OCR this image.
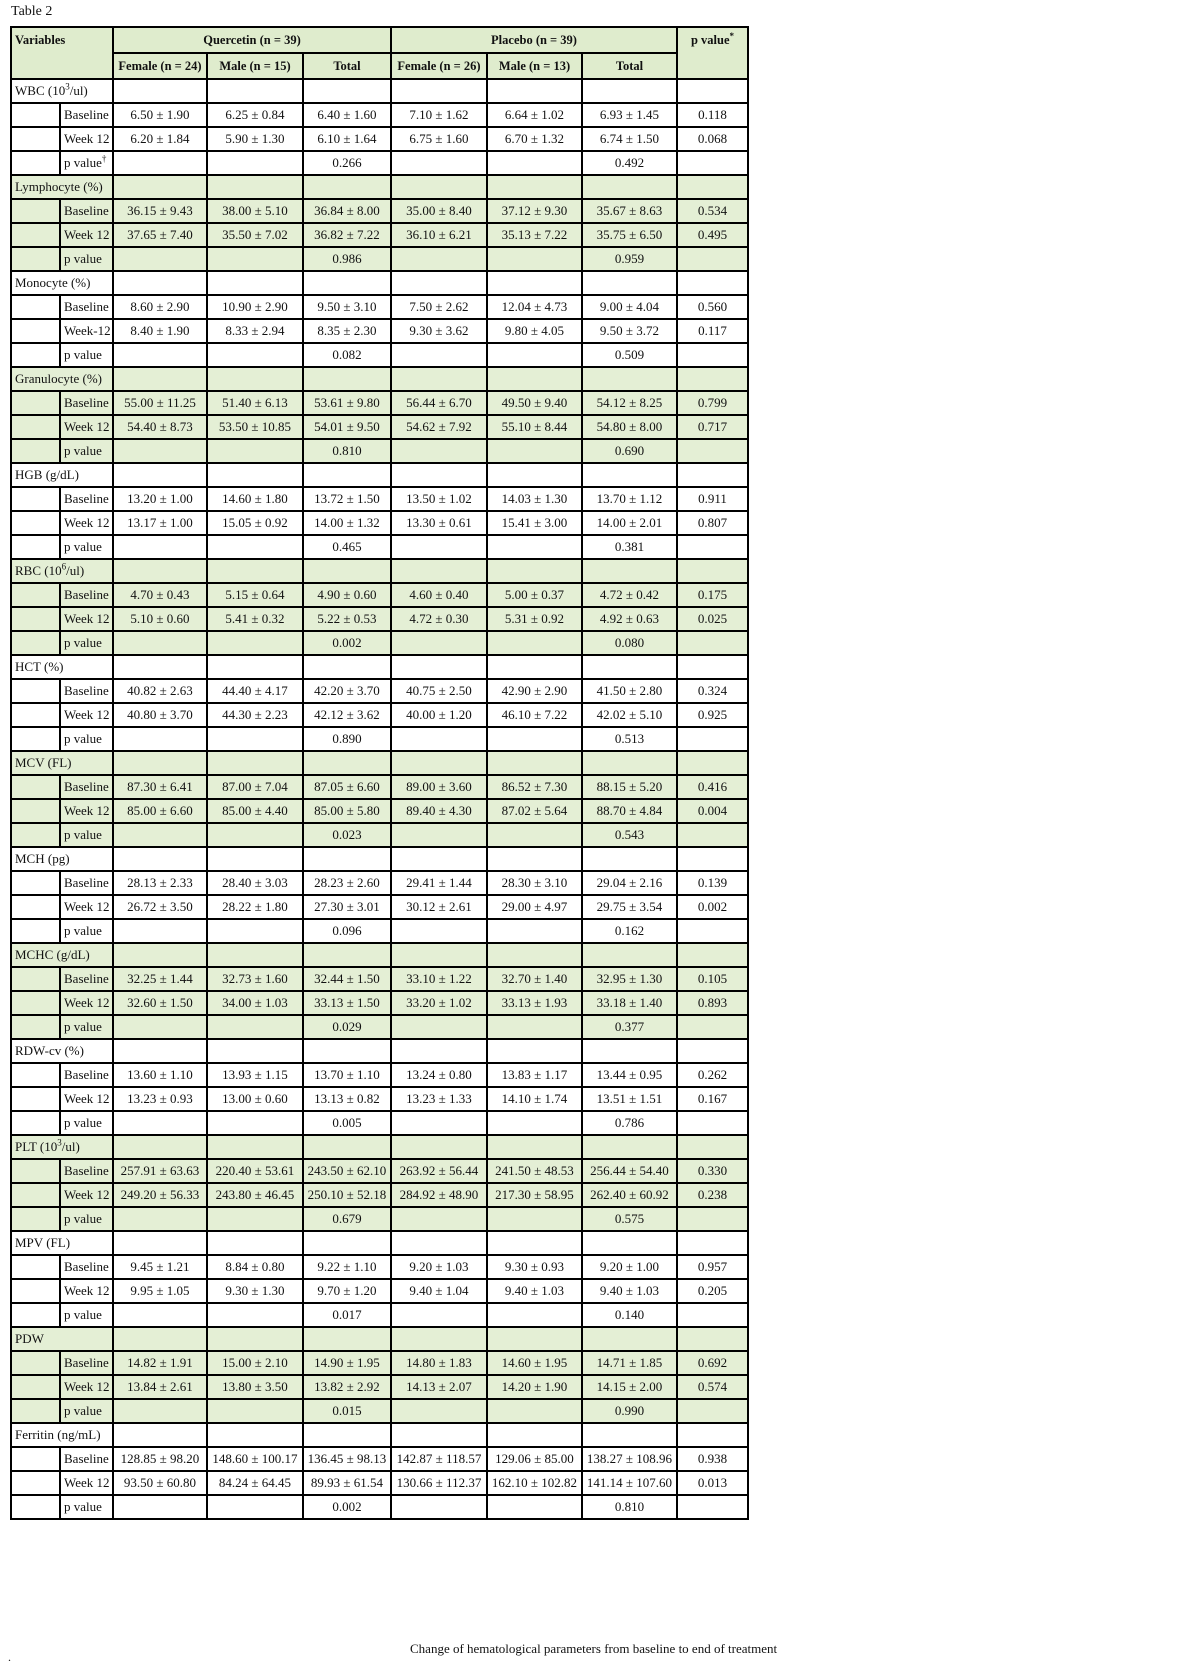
Table 2
Variables		Quercetin (n = 39)			Placebo (n = 39)			p value*
		Female (n = 24)	Male (n = 15)	Total	Female (n = 26)	Male (n = 13)	Total	
WBC $(10^3/ul)$								
	Baseline	6.50 ± 1.90	6.25 ± 0.84	6.40 ± 1.60	7.10 ± 1.62	6.64 ± 1.02	6.93 ± 1.45	0.118
	Week 12	6.20 ± 1.84	5.90 ± 1.30	6.10 ± 1.64	6.75 ± 1.60	6.70 ± 1.32	6.74 ± 1.50	0.068
	p value†			0.266			0.492	
Lymphocyte (%)								
	Baseline	36.15 ± 9.43	38.00 ± 5.10	36.84 ± 8.00	35.00 ± 8.40	37.12 ± 9.30	35.67 ± 8.63	0.534
	Week 12	37.65 ± 7.40	35.50 ± 7.02	36.82 ± 7.22	36.10 ± 6.21	35.13 ± 7.22	35.75 ± 6.50	0.495
	p value			0.986			0.959	
Monocyte (%)								
	Baseline	8.60 ± 2.90	10.90 ± 2.90	9.50 ± 3.10	7.50 ± 2.62	12.04 ± 4.73	9.00 ± 4.04	0.560
	Week-12	8.40 ± 1.90	8.33 ± 2.94	8.35 ± 2.30	9.30 ± 3.62	9.80 ± 4.05	9.50 ± 3.72	0.117
	p value			0.082			0.509	
Granulocyte (%)								
	Baseline	55.00 ± 11.25	51.40 ± 6.13	53.61 ± 9.80	56.44 ± 6.70	49.50 ± 9.40	54.12 ± 8.25	0.799
	Week 12	54.40 ± 8.73	53.50 ± 10.85	54.01 ± 9.50	54.62 ± 7.92	55.10 ± 8.44	54.80 ± 8.00	0.717
	p value			0.810			0.690	
HGB (g/dL)								
	Baseline	13.20 ± 1.00	14.60 ± 1.80	13.72 ± 1.50	13.50 ± 1.02	14.03 ± 1.30	13.70 ± 1.12	0.911
	Week 12	13.17 ± 1.00	15.05 ± 0.92	14.00 ± 1.32	13.30 ± 0.61	15.41 ± 3.00	14.00 ± 2.01	0.807
	p value			0.465			0.381	
RBC $(10^6/ul)$								
	Baseline	4.70 ± 0.43	5.15 ± 0.64	4.90 ± 0.60	4.60 ± 0.40	5.00 ± 0.37	4.72 ± 0.42	0.175
	Week 12	5.10 ± 0.60	5.41 ± 0.32	5.22 ± 0.53	4.72 ± 0.30	5.31 ± 0.92	4.92 ± 0.63	0.025
	p value			0.002			0.080	
HCT (%)								
	Baseline	40.82 ± 2.63	44.40 ± 4.17	42.20 ± 3.70	40.75 ± 2.50	42.90 ± 2.90	41.50 ± 2.80	0.324
	Week 12	40.80 ± 3.70	44.30 ± 2.23	42.12 ± 3.62	40.00 ± 1.20	46.10 ± 7.22	42.02 ± 5.10	0.925
	p value			0.890			0.513	
MCV (FL)								
	Baseline	87.30 ± 6.41	87.00 ± 7.04	87.05 ± 6.60	89.00 ± 3.60	86.52 ± 7.30	88.15 ± 5.20	0.416
	Week 12	85.00 ± 6.60	85.00 ± 4.40	85.00 ± 5.80	89.40 ± 4.30	87.02 ± 5.64	88.70 ± 4.84	0.004
	p value			0.023			0.543	
MCH (pg)								
	Baseline	28.13 ± 2.33	28.40 ± 3.03	28.23 ± 2.60	29.41 ± 1.44	28.30 ± 3.10	29.04 ± 2.16	0.139
	Week 12	26.72 ± 3.50	28.22 ± 1.80	27.30 ± 3.01	30.12 ± 2.61	29.00 ± 4.97	29.75 ± 3.54	0.002
	p value			0.096			0.162	
MCHC (g/dL)								
	Baseline	32.25 ± 1.44	32.73 ± 1.60	32.44 ± 1.50	33.10 ± 1.22	32.70 ± 1.40	32.95 ± 1.30	0.105
	Week 12	32.60 ± 1.50	34.00 ± 1.03	33.13 ± 1.50	33.20 ± 1.02	33.13 ± 1.93	33.18 ± 1.40	0.893
	p value			0.029			0.377	
RDW-cv (%)								
	Baseline	13.60 ± 1.10	13.93 ± 1.15	13.70 ± 1.10	13.24 ± 0.80	13.83 ± 1.17	13.44 ± 0.95	0.262
	Week 12	13.23 ± 0.93	13.00 ± 0.60	13.13 ± 0.82	13.23 ± 1.33	14.10 ± 1.74	13.51 ± 1.51	0.167
	p value			0.005			0.786	
PLT $(10^3/ul)$								
	Baseline	257.91 ± 63.63	220.40 ± 53.61	243.50 ± 62.10	263.92 ± 56.44	241.50 ± 48.53	256.44 ± 54.40	0.330
	Week 12	249.20 ± 56.33	243.80 ± 46.45	250.10 ± 52.18	284.92 ± 48.90	217.30 ± 58.95	262.40 ± 60.92	0.238
	p value			0.679			0.575	
MPV (FL)								
	Baseline	9.45 ± 1.21	8.84 ± 0.80	9.22 ± 1.10	9.20 ± 1.03	9.30 ± 0.93	9.20 ± 1.00	0.957
	Week 12	9.95 ± 1.05	9.30 ± 1.30	9.70 ± 1.20	9.40 ± 1.04	9.40 ± 1.03	9.40 ± 1.03	0.205
	p value			0.017			0.140	
PDW								
	Baseline	14.82 ± 1.91	15.00 ± 2.10	14.90 ± 1.95	14.80 ± 1.83	14.60 ± 1.95	14.71 ± 1.85	0.692
	Week 12	13.84 ± 2.61	13.80 ± 3.50	13.82 ± 2.92	14.13 ± 2.07	14.20 ± 1.90	14.15 ± 2.00	0.574
	p value			0.015			0.990	
Ferritin (ng/mL)								
	Baseline	128.85 ± 98.20	148.60 ± 100.17	136.45 ± 98.13	142.87 ± 118.57	129.06 ± 85.00	138.27 ± 108.96	0.938
	Week 12	93.50 ± 60.80	84.24 ± 64.45	89.93 ± 61.54	130.66 ± 112.37	162.10 ± 102.82	141.14 ± 107.60	0.013
	p value			0.002			0.810	
Change of hematological parameters from baseline to end of treatment
.
